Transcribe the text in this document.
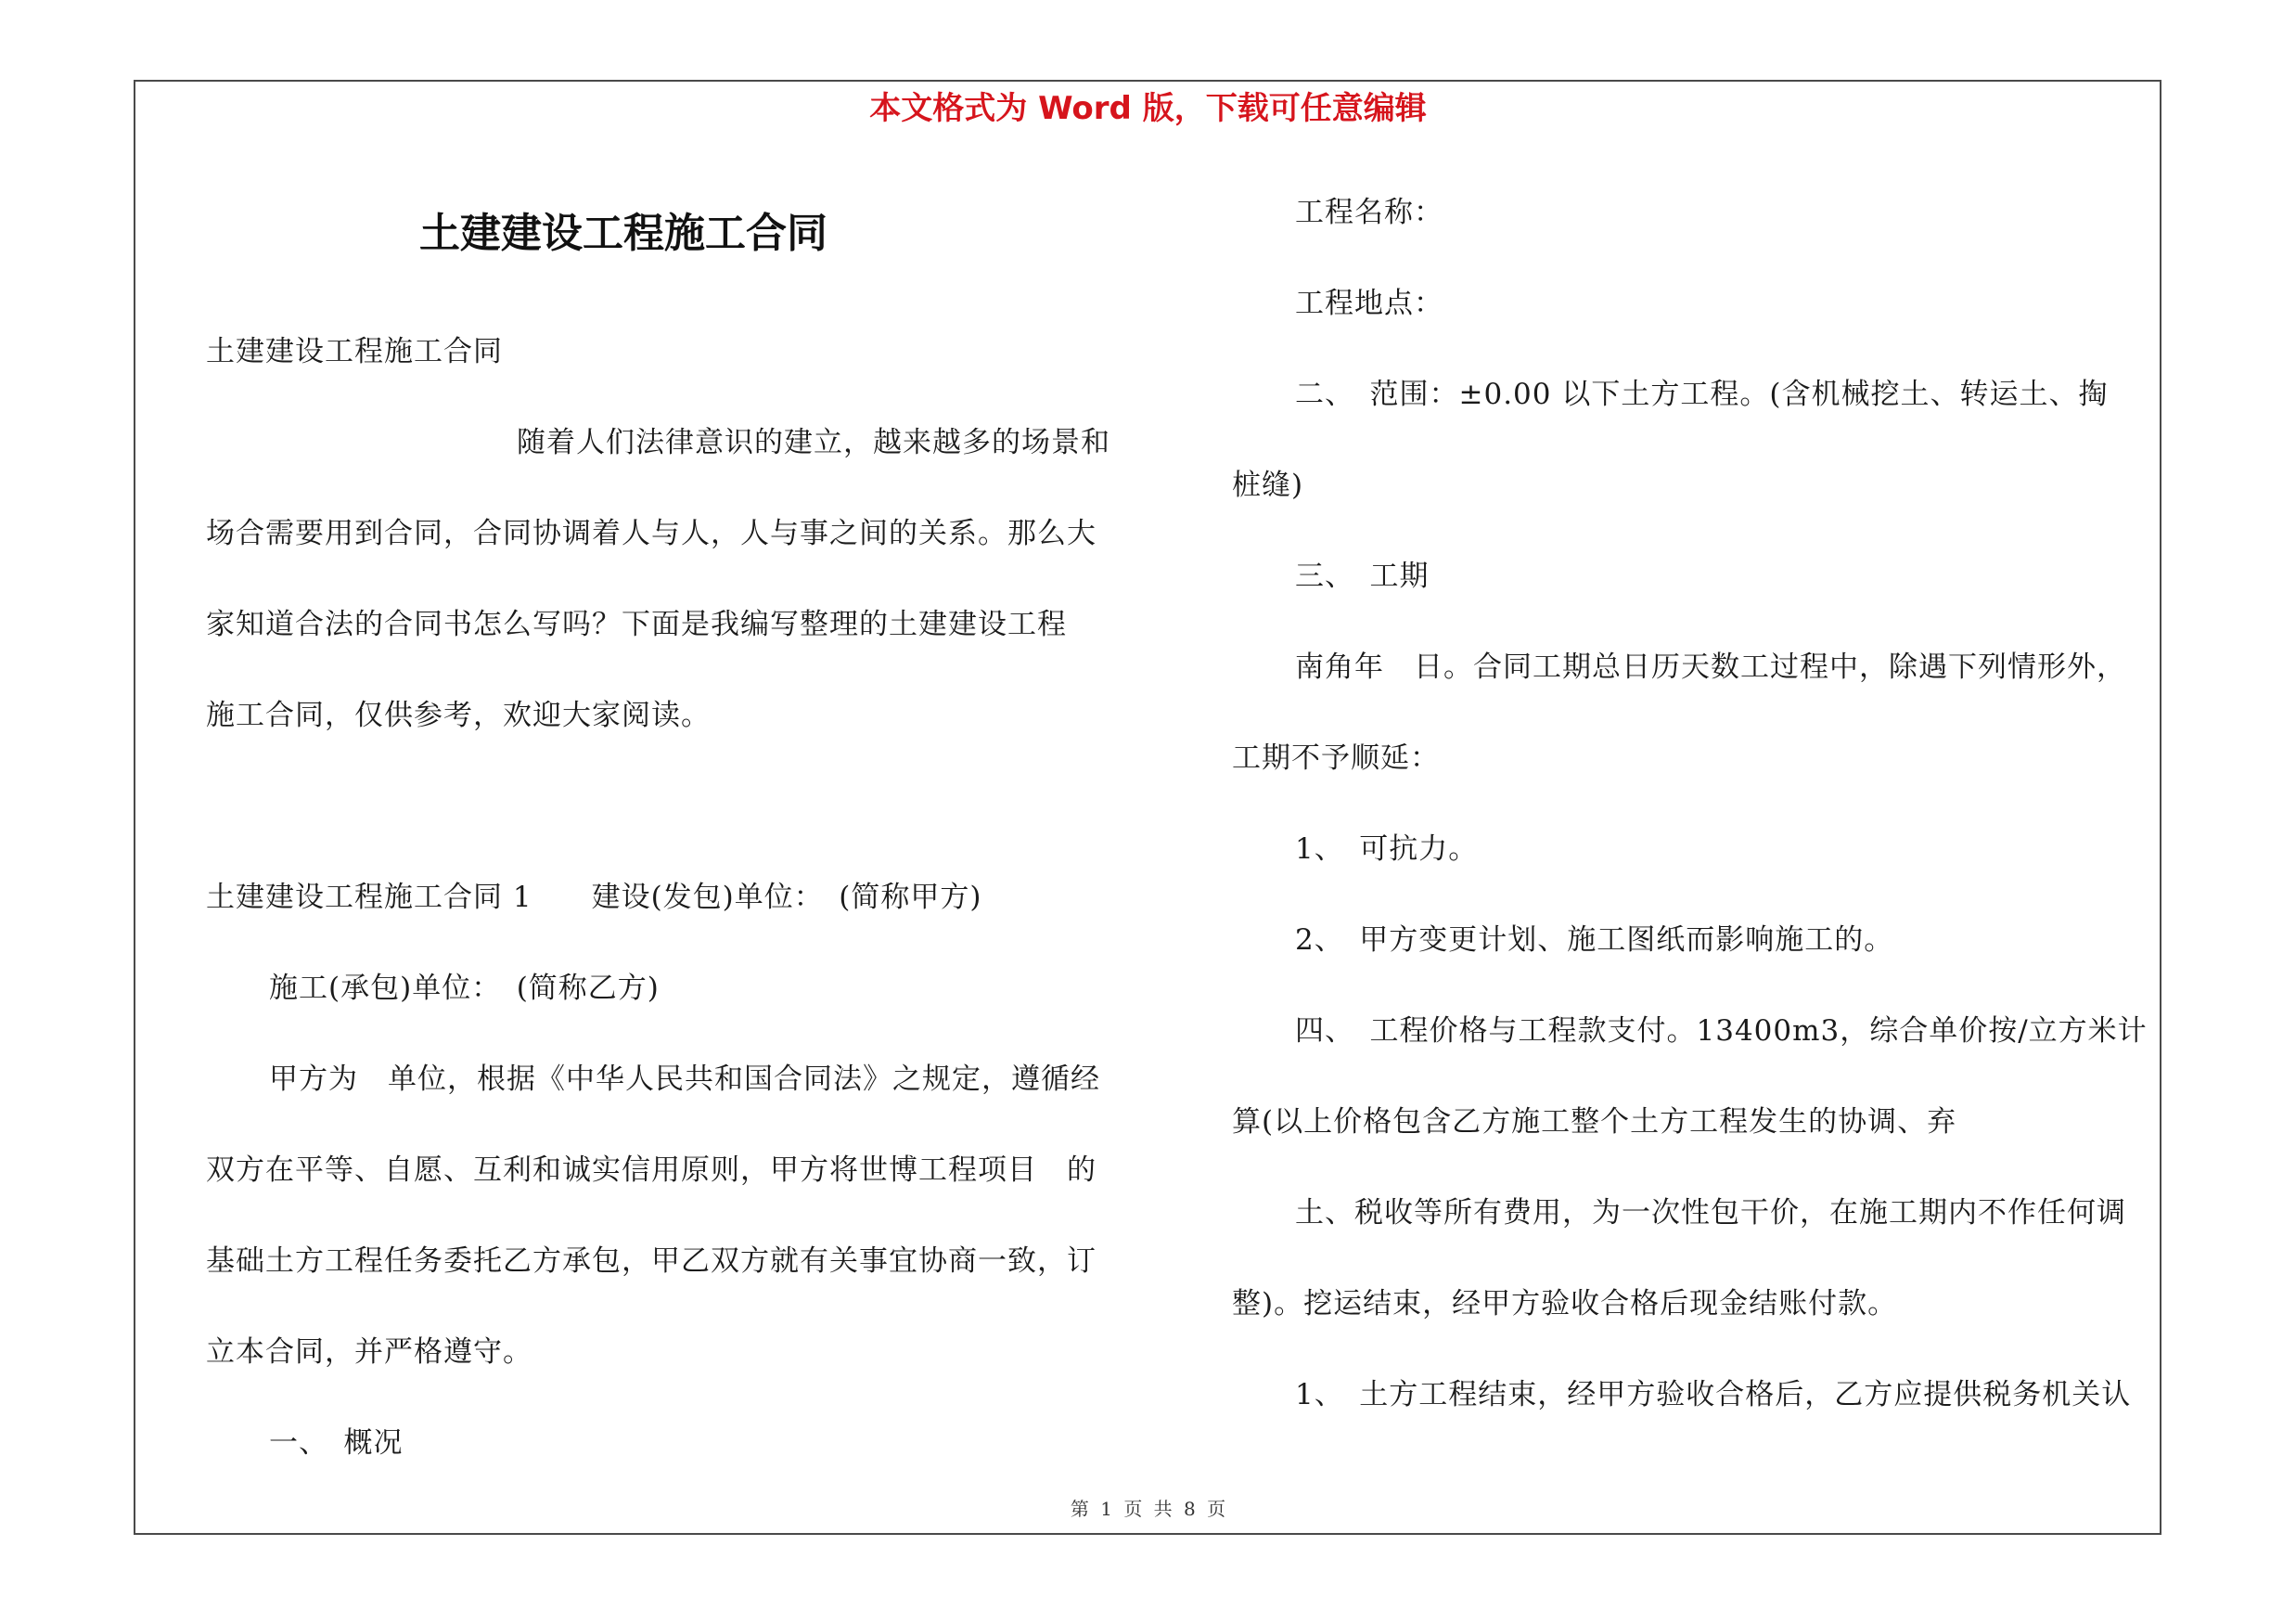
本文格式为 Word 版，下载可任意编辑
土建建设工程施工合同

土建建设工程施工合同

随着人们法律意识的建立，越来越多的场景和

场合需要用到合同，合同协调着人与人，人与事之间的关系。那么大

家知道合法的合同书怎么写吗？下面是我编写整理的土建建设工程

施工合同，仅供参考，欢迎大家阅读。

土建建设工程施工合同 1　　建设(发包)单位：　(简称甲方)

施工(承包)单位：　(简称乙方)

甲方为　单位，根据《中华人民共和国合同法》之规定，遵循经

双方在平等、自愿、互利和诚实信用原则，甲方将世博工程项目　的

基础土方工程任务委托乙方承包，甲乙双方就有关事宜协商一致，订

立本合同，并严格遵守。

一、　概况

工程名称：

工程地点：

二、　范围：±0.00 以下土方工程。(含机械挖土、转运土、掏

桩缝)

三、　工期

南角年　日。合同工期总日历天数工过程中，除遇下列情形外，

工期不予顺延：

1、　可抗力。

2、　甲方变更计划、施工图纸而影响施工的。

四、　工程价格与工程款支付。13400m3，综合单价按/立方米计

算(以上价格包含乙方施工整个土方工程发生的协调、弃

土、税收等所有费用，为一次性包干价，在施工期内不作任何调

整)。挖运结束，经甲方验收合格后现金结账付款。

1、　土方工程结束，经甲方验收合格后，乙方应提供税务机关认

第 1 页 共 8 页
